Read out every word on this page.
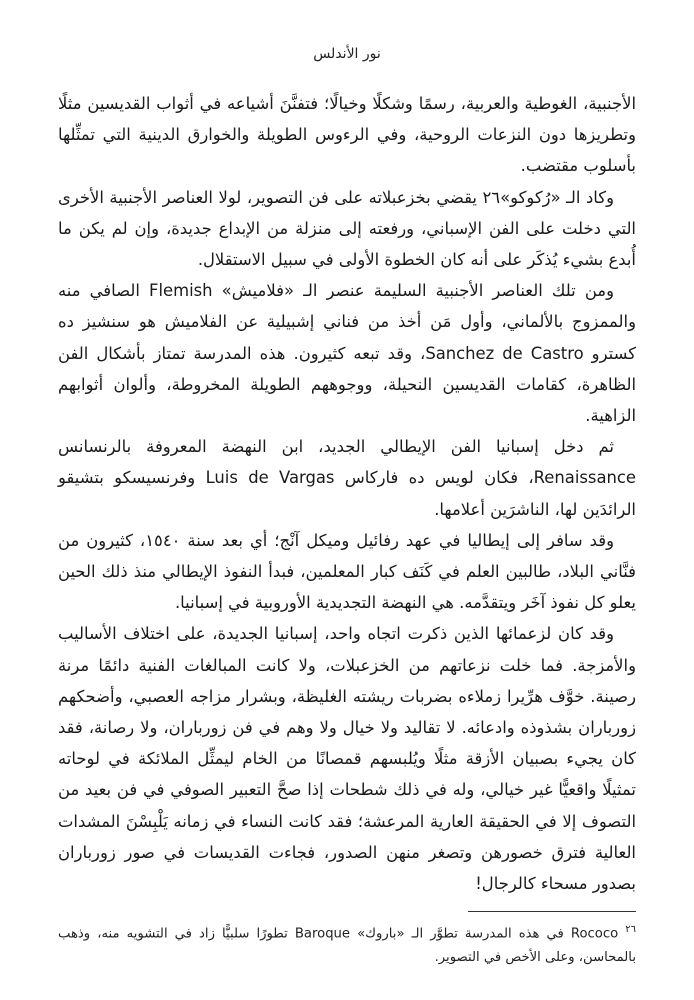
نور الأندلس

الأجنبية، الغوطية والعربية، رسمًا وشكلًا وخيالًا؛ فتفنَّنَ أشياعه في أثواب القديسين مثلًا وتطريزها دون النزعات الروحية، وفي الرءوس الطويلة والخوارق الدينية التي تمثِّلها بأسلوب مقتضب.

وكاد الـ «رُكوكو»٢٦ يقضي بخزعبلاته على فن التصوير، لولا العناصر الأجنبية الأخرى التي دخلت على الفن الإسباني، ورفعته إلى منزلة من الإبداع جديدة، وإن لم يكن ما أُبدع بشيء يُذكَر على أنه كان الخطوة الأولى في سبيل الاستقلال.

ومن تلك العناصر الأجنبية السليمة عنصر الـ «فلاميش» Flemish الصافي منه والممزوج بالألماني، وأول مَن أخذ من فناني إشبيلية عن الفلاميش هو سنشيز ده كسترو Sanchez de Castro، وقد تبعه كثيرون. هذه المدرسة تمتاز بأشكال الفن الظاهرة، كقامات القديسين النحيلة، ووجوههم الطويلة المخروطة، وألوان أثوابهم الزاهية.

ثم دخل إسبانيا الفن الإيطالي الجديد، ابن النهضة المعروفة بالرنسانس Renaissance، فكان لويس ده فاركاس Luis de Vargas وفرنسيسكو بتشيقو الرائدَين لها، الناشرَين أعلامها.

وقد سافر إلى إيطاليا في عهد رفائيل وميكل آنْج؛ أي بعد سنة ١٥٤٠، كثيرون من فنَّاني البلاد، طالبين العلم في كَنَف كبار المعلمين، فبدأ النفوذ الإيطالي منذ ذلك الحين يعلو كل نفوذ آخَر ويتقدَّمه. هي النهضة التجديدية الأوروبية في إسبانيا.

وقد كان لزعمائها الذين ذكرت اتجاه واحد، إسبانيا الجديدة، على اختلاف الأساليب والأمزجة. فما خلت نزعاتهم من الخزعبلات، ولا كانت المبالغات الفنية دائمًا مرنة رصينة. خوَّف هرِّيرا زملاءه بضربات ريشته الغليظة، وبشرار مزاجه العصبي، وأضحكهم زورباران بشذوذه وادعائه. لا تقاليد ولا خيال ولا وهم في فن زورباران، ولا رصانة، فقد كان يجيء بصبيان الأزقة مثلًا ويُلبسهم قمصانًا من الخام ليمثِّل الملائكة في لوحاته تمثيلًا واقعيًّا غير خيالي، وله في ذلك شطحات إذا صحَّ التعبير الصوفي في فن بعيد من التصوف إلا في الحقيقة العارية المرعشة؛ فقد كانت النساء في زمانه يَلْبِسْنَ المشدات العالية فترق خصورهن وتصغر منهن الصدور، فجاءت القديسات في صور زورباران بصدور مسحاء كالرجال!

$^{٢٦}$ Rococo في هذه المدرسة تطوَّر الـ «باروك» Baroque تطورًا سلبيًّا زاد في التشويه منه، وذهب بالمحاسن، وعلى الأخص في التصوير.
